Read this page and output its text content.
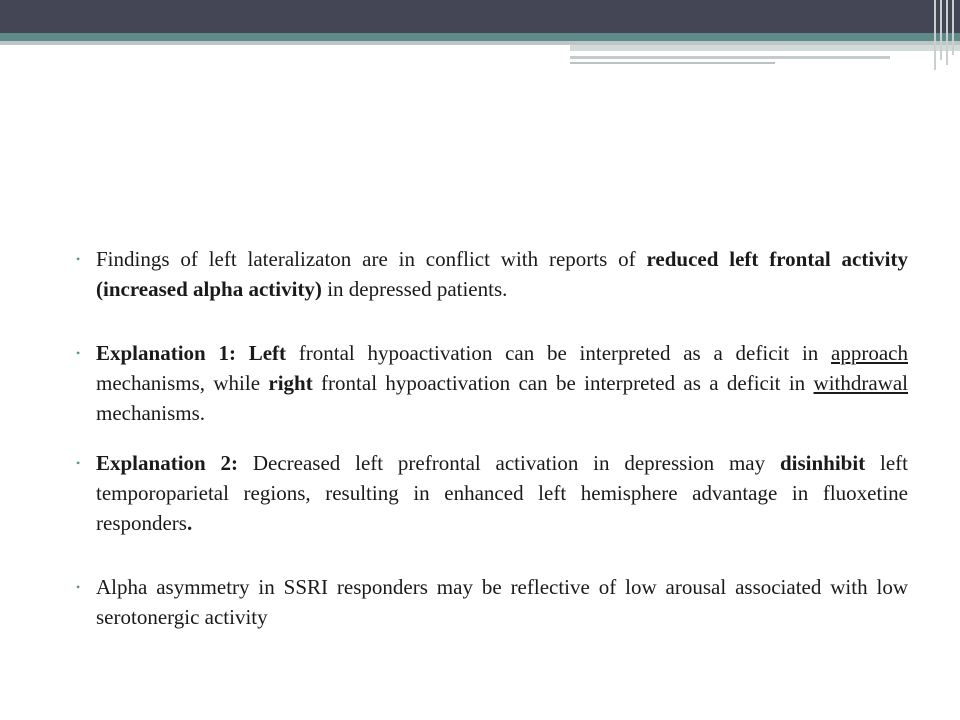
• Findings of left lateralizaton are in conflict with reports of reduced left frontal activity (increased alpha activity) in depressed patients.
• Explanation 1: Left frontal hypoactivation can be interpreted as a deficit in approach mechanisms, while right frontal hypoactivation can be interpreted as a deficit in withdrawal mechanisms.
• Explanation 2: Decreased left prefrontal activation in depression may disinhibit left temporoparietal regions, resulting in enhanced left hemisphere advantage in fluoxetine responders.
• Alpha asymmetry in SSRI responders may be reflective of low arousal associated with low serotonergic activity
